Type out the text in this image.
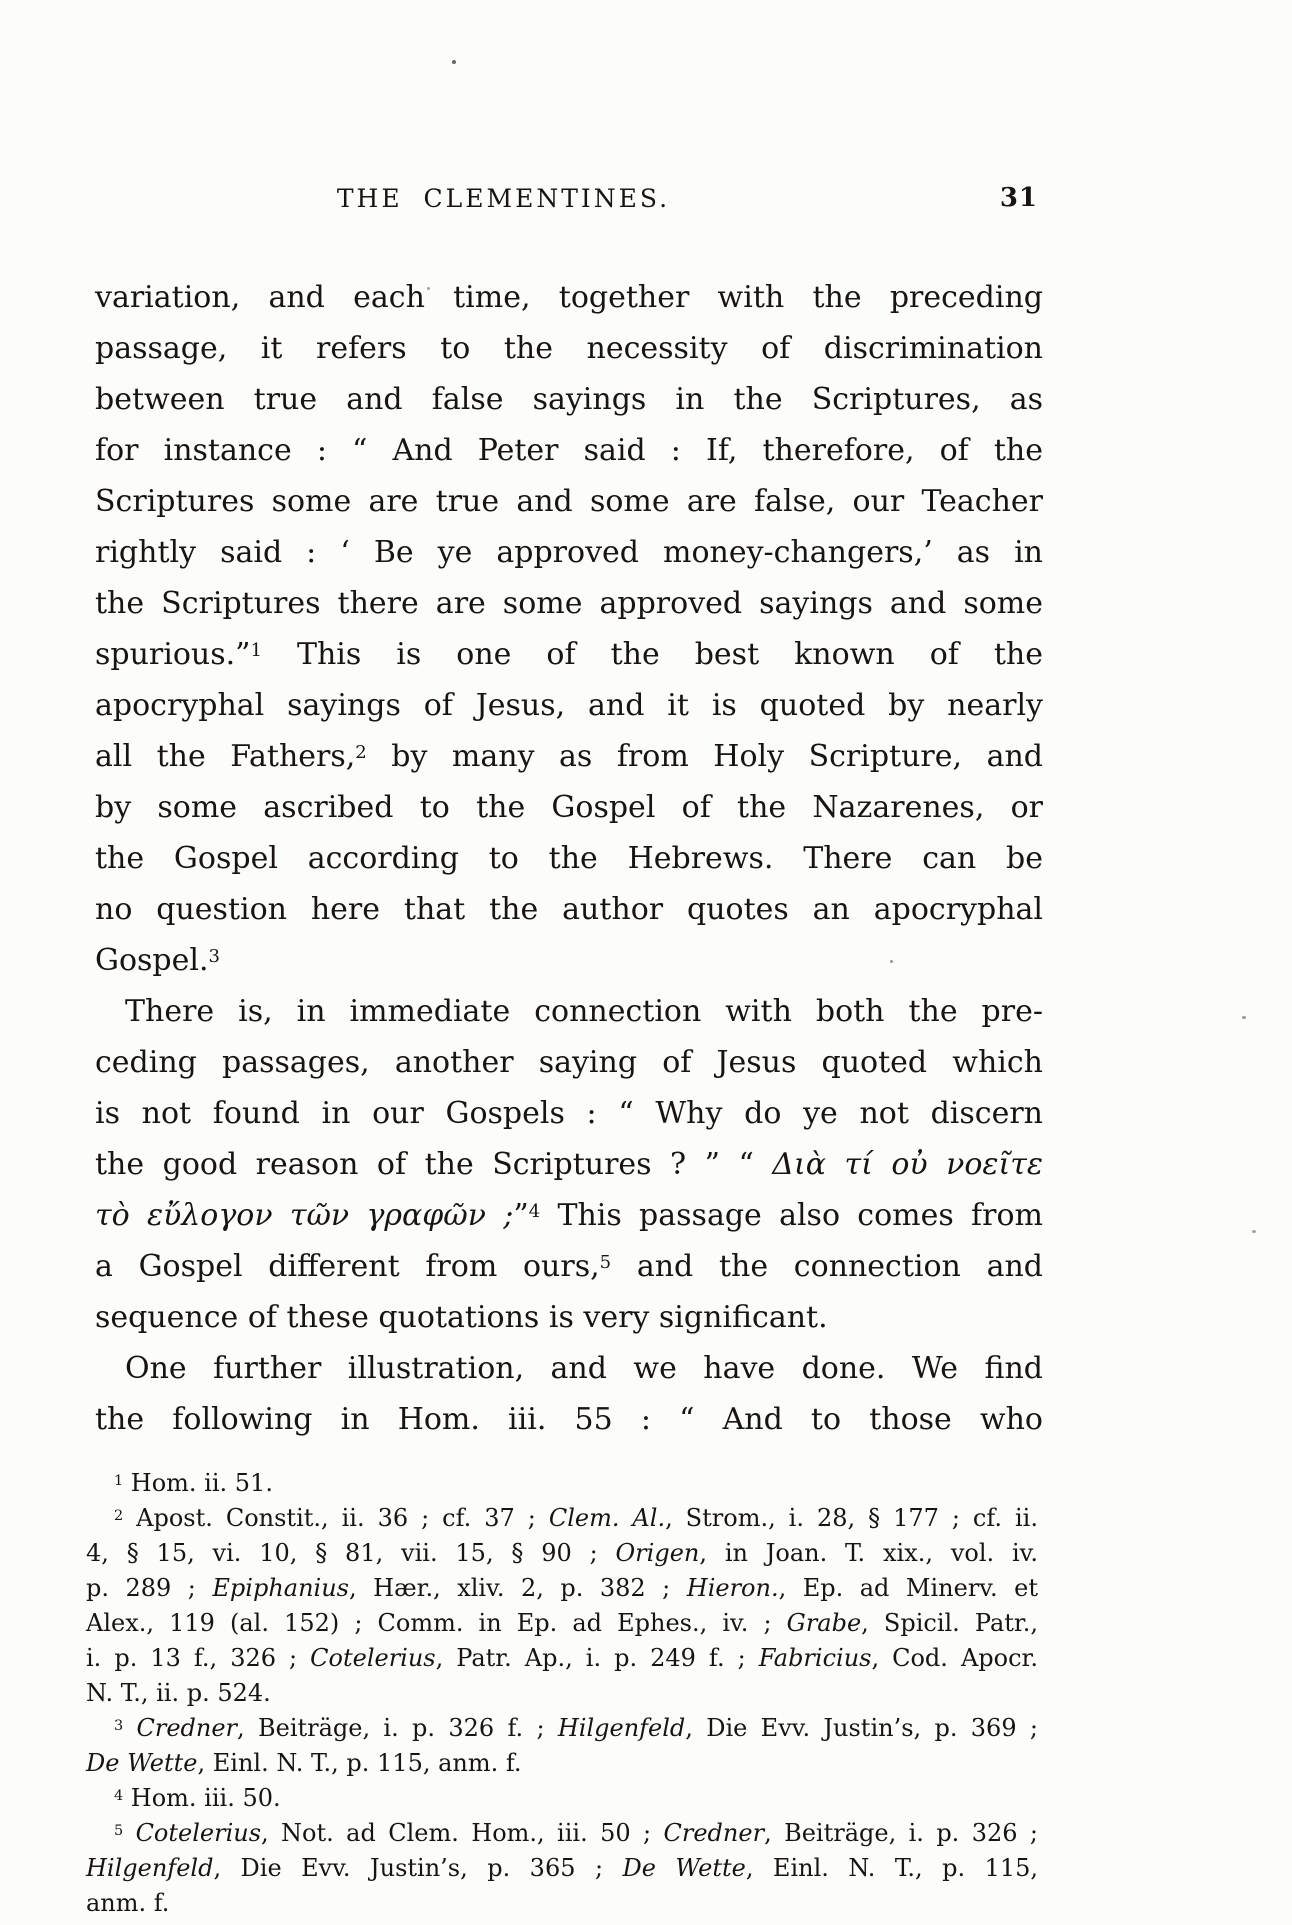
THE CLEMENTINES.	31
variation, and each time, together with the preceding
passage, it refers to the necessity of discrimination
between true and false sayings in the Scriptures, as
for instance : “ And Peter said : If, therefore, of the
Scriptures some are true and some are false, our Teacher
rightly said : ‘ Be ye approved money-changers,’ as in
the Scriptures there are some approved sayings and some
spurious.”$^1$ This is one of the best known of the
apocryphal sayings of Jesus, and it is quoted by nearly
all the Fathers,$^2$ by many as from Holy Scripture, and
by some ascribed to the Gospel of the Nazarenes, or
the Gospel according to the Hebrews. There can be
no question here that the author quotes an apocryphal
Gospel.$^3$
There is, in immediate connection with both the pre-
ceding passages, another saying of Jesus quoted which
is not found in our Gospels : “ Why do ye not discern
the good reason of the Scriptures ? ” “ Διὰ τί οὐ νοεῖτε
τὸ εὔλογον τῶν γραφῶν ;”$^4$ This passage also comes from
a Gospel different from ours,$^5$ and the connection and
sequence of these quotations is very significant.
One further illustration, and we have done. We find
the following in Hom. iii. 55 : “ And to those who
$^1$ Hom. ii. 51.
$^2$ Apost. Constit., ii. 36 ; cf. 37 ; Clem. Al., Strom., i. 28, § 177 ; cf. ii.
4, § 15, vi. 10, § 81, vii. 15, § 90 ; Origen, in Joan. T. xix., vol. iv.
p. 289 ; Epiphanius, Hær., xliv. 2, p. 382 ; Hieron., Ep. ad Minerv. et
Alex., 119 (al. 152) ; Comm. in Ep. ad Ephes., iv. ; Grabe, Spicil. Patr.,
i. p. 13 f., 326 ; Cotelerius, Patr. Ap., i. p. 249 f. ; Fabricius, Cod. Apocr.
N. T., ii. p. 524.
$^3$ Credner, Beiträge, i. p. 326 f. ; Hilgenfeld, Die Evv. Justin’s, p. 369 ;
De Wette, Einl. N. T., p. 115, anm. f.
$^4$ Hom. iii. 50.
$^5$ Cotelerius, Not. ad Clem. Hom., iii. 50 ; Credner, Beiträge, i. p. 326 ;
Hilgenfeld, Die Evv. Justin’s, p. 365 ; De Wette, Einl. N. T., p. 115,
anm. f.
